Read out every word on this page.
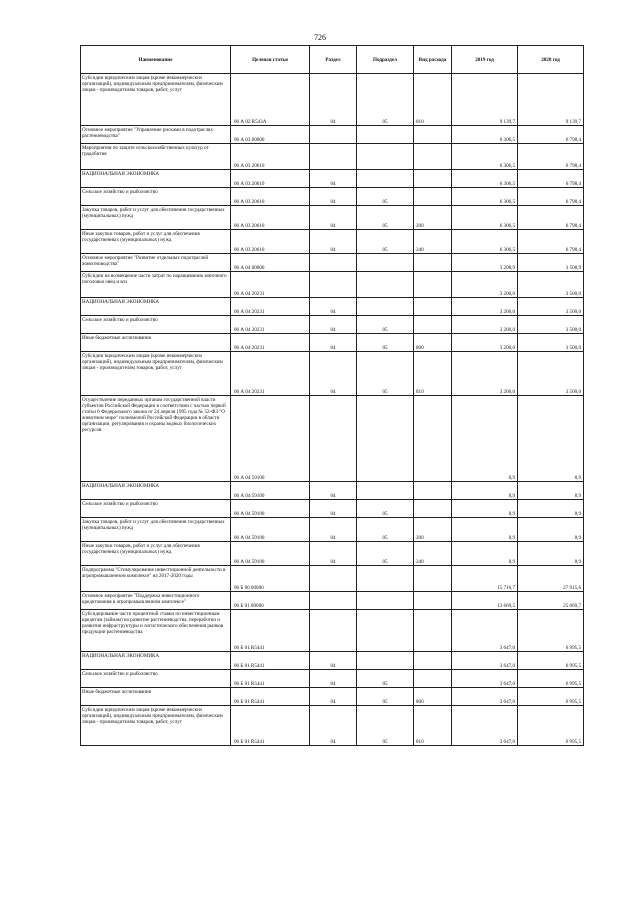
726
Наименование	Целевая статья	Раздел	Подраздел	Вид расхода	2019 год	2020 год
Субсидии юридическим лицам (кроме некоммерческих организаций), индивидуальным предпринимателям, физическим лицам - производителям товаров, работ, услуг	06 А 02 R543А	04	05	810	9 139,7	9 139,7
Основное мероприятие "Управление рисками в подотраслях растениеводства"	06 А 03 00000				6 306,5	6 798,4
Мероприятия по защите сельскохозяйственных культур от градобития	06 А 03 20610				6 306,5	6 798,4
НАЦИОНАЛЬНАЯ ЭКОНОМИКА	06 А 03 20610	04			6 306,5	6 798,4
Сельское хозяйство и рыболовство	06 А 03 20610	04	05		6 306,5	6 798,4
Закупка товаров, работ и услуг для обеспечения государственных (муниципальных) нужд	06 А 03 20610	04	05	200	6 306,5	6 798,4
Иные закупки товаров, работ и услуг для обеспечения государственных (муниципальных) нужд	06 А 03 20610	04	05	240	6 306,5	6 798,4
Основное мероприятие "Развитие отдельных подотраслей животноводства"	06 А 04 00000				3 208,9	3 508,9
Субсидии на возмещение части затрат по наращиванию маточного поголовья овец и коз	06 А 04 20231				3 200,0	3 500,0
НАЦИОНАЛЬНАЯ ЭКОНОМИКА	06 А 04 20231	04			3 200,0	3 500,0
Сельское хозяйство и рыболовство	06 А 04 20231	04	05		3 200,0	3 500,0
Иные бюджетные ассигнования	06 А 04 20231	04	05	800	3 200,0	3 500,0
Субсидии юридическим лицам (кроме некоммерческих организаций), индивидуальным предпринимателям, физическим лицам - производителям товаров, работ, услуг	06 А 04 20231	04	05	810	3 200,0	3 500,0
Осуществление переданных органам государственной власти субъектов Российской Федерации в соответствии с частью первой статьи 6 Федерального закона от 24 апреля 1995 года № 52-ФЗ "О животном мире" полномочий Российской Федерации в области организации, регулирования и охраны водных биологических ресурсов	06 А 04 59100				8,9	8,9
НАЦИОНАЛЬНАЯ ЭКОНОМИКА	06 А 04 59100	04			8,9	8,9
Сельское хозяйство и рыболовство	06 А 04 59100	04	05		8,9	8,9
Закупка товаров, работ и услуг для обеспечения государственных (муниципальных) нужд	06 А 04 59100	04	05	200	8,9	8,9
Иные закупки товаров, работ и услуг для обеспечения государственных (муниципальных) нужд	06 А 04 59100	04	05	240	8,9	8,9
Подпрограмма "Стимулирование инвестиционной деятельности в агропромышленном комплексе" на 2017-2020 годы	06 Б 00 00000				15 716,7	27 915,6
Основное мероприятие "Поддержка инвестиционного кредитования в агропромышленном комплексе"	06 Б 01 00000				13 669,5	25 069,7
Субсидирование части процентной ставки по инвестиционным кредитам (займам) на развитие растениеводства, переработки и развития инфраструктуры и логистического обеспечения рынков продукции растениеводства	06 Б 01 R5441				3 647,0	6 995,5
НАЦИОНАЛЬНАЯ ЭКОНОМИКА	06 Б 01 R5441	04			3 647,0	6 995,5
Сельское хозяйство и рыболовство	06 Б 01 R5441	04	05		3 647,0	6 995,5
Иные бюджетные ассигнования	06 Б 01 R5441	04	05	800	3 647,0	6 995,5
Субсидии юридическим лицам (кроме некоммерческих организаций), индивидуальным предпринимателям, физическим лицам - производителям товаров, работ, услуг	06 Б 01 R5441	04	05	810	3 647,0	6 995,5
